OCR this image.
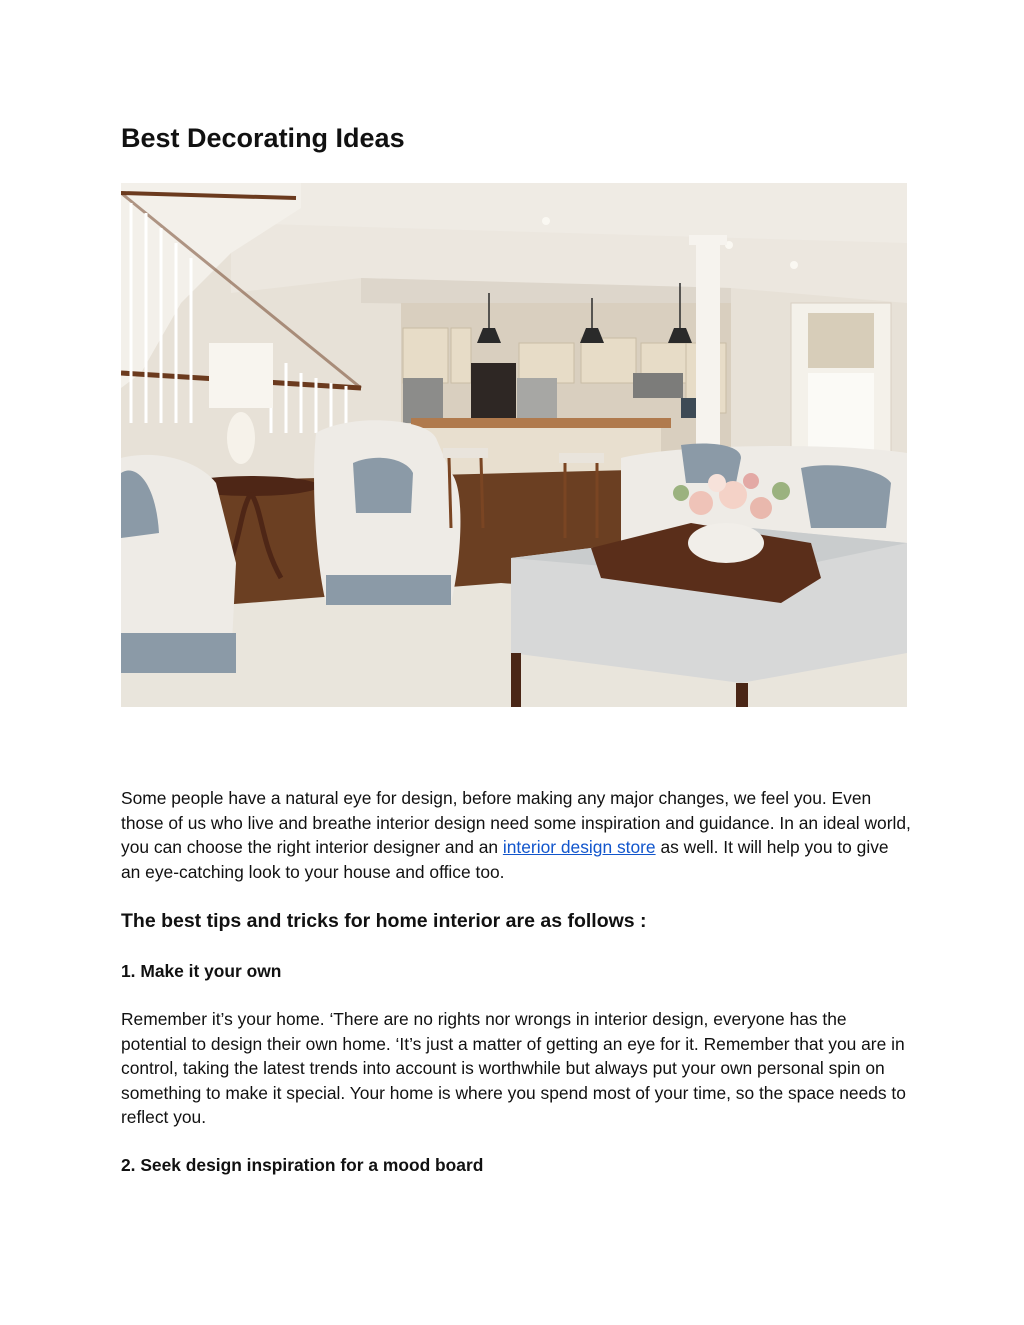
Best Decorating Ideas

Some people have a natural eye for design, before making any major changes, we feel you. Even those of us who live and breathe interior design need some inspiration and guidance. In an ideal world, you can choose the right interior designer and an interior design store as well. It will help you to give an eye-catching look to your house and office too.

The best tips and tricks for home interior are as follows :
1. Make it your own

Remember it’s your home. ‘There are no rights nor wrongs in interior design, everyone has the potential to design their own home. ‘It’s just a matter of getting an eye for it. Remember that you are in control, taking the latest trends into account is worthwhile but always put your own personal spin on something to make it special. Your home is where you spend most of your time, so the space needs to reflect you.

2. Seek design inspiration for a mood board
